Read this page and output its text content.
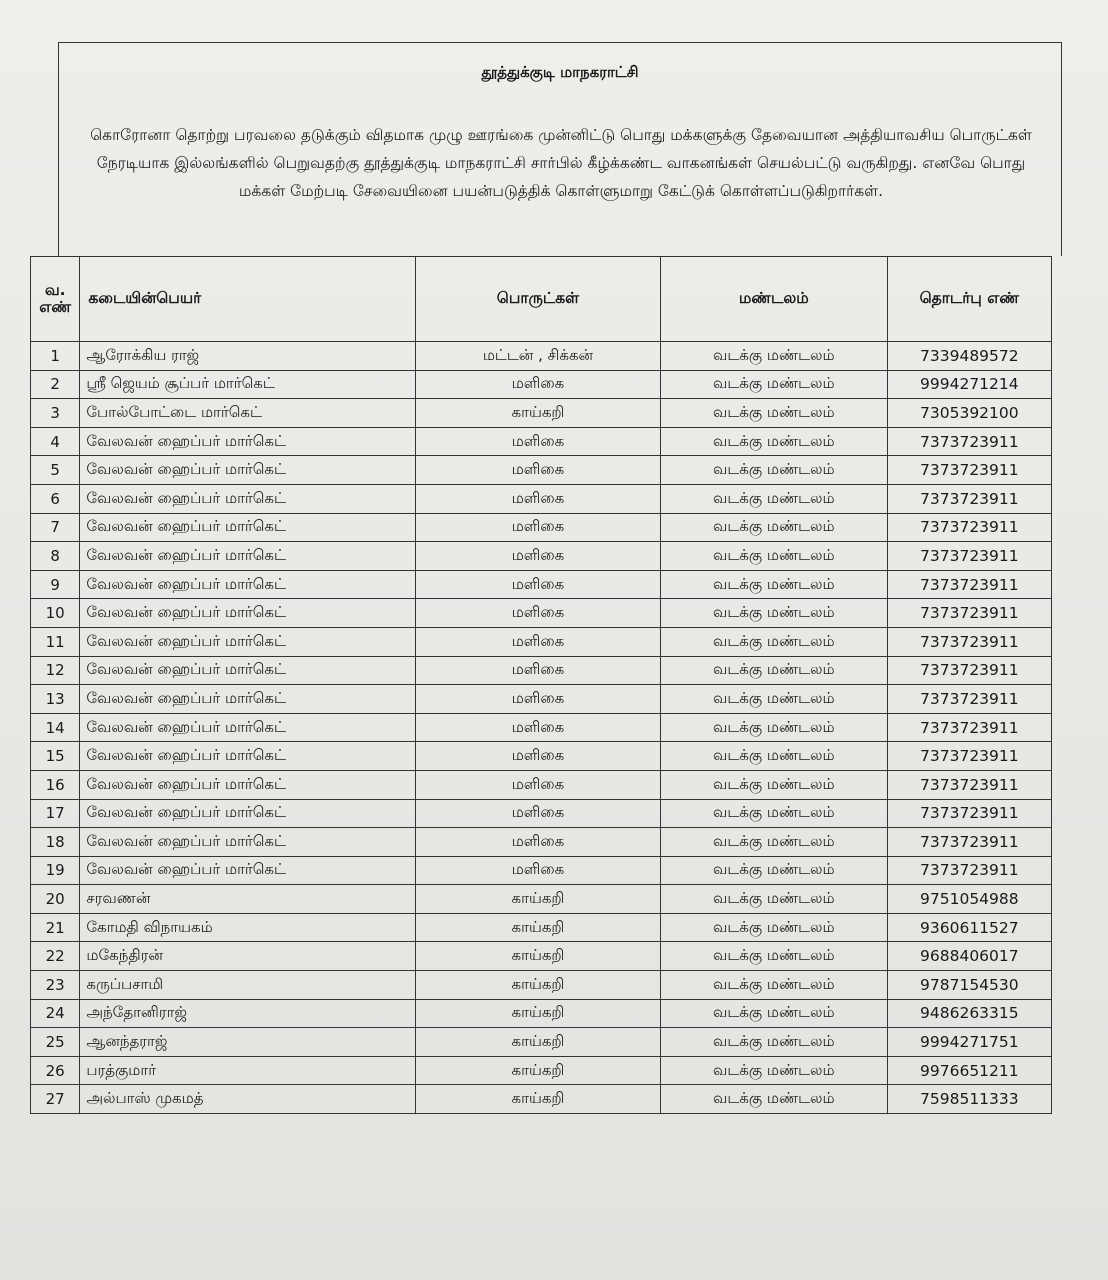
தூத்துக்குடி மாநகராட்சி
கொரோனா தொற்று பரவலை தடுக்கும் விதமாக முழு ஊரங்கை முன்னிட்டு பொது மக்களுக்கு தேவையான அத்தியாவசிய பொருட்கள் நேரடியாக இல்லங்களில் பெறுவதற்கு தூத்துக்குடி மாநகராட்சி சார்பில் கீழ்க்கண்ட வாகனங்கள் செயல்பட்டு வருகிறது. எனவே பொது மக்கள் மேற்படி சேவையினை பயன்படுத்திக் கொள்ளுமாறு கேட்டுக் கொள்ளப்படுகிறார்கள்.
வ.
எண்	கடையின்பெயர்	பொருட்கள்	மண்டலம்	தொடர்பு எண்
1	ஆரோக்கிய ராஜ்	மட்டன் , சிக்கன்	வடக்கு மண்டலம்	7339489572
2	ஸ்ரீ ஜெயம் சூப்பர் மார்கெட்	மளிகை	வடக்கு மண்டலம்	9994271214
3	போல்போட்டை மார்கெட்	காய்கறி	வடக்கு மண்டலம்	7305392100
4	வேலவன் ஹைப்பர் மார்கெட்	மளிகை	வடக்கு மண்டலம்	7373723911
5	வேலவன் ஹைப்பர் மார்கெட்	மளிகை	வடக்கு மண்டலம்	7373723911
6	வேலவன் ஹைப்பர் மார்கெட்	மளிகை	வடக்கு மண்டலம்	7373723911
7	வேலவன் ஹைப்பர் மார்கெட்	மளிகை	வடக்கு மண்டலம்	7373723911
8	வேலவன் ஹைப்பர் மார்கெட்	மளிகை	வடக்கு மண்டலம்	7373723911
9	வேலவன் ஹைப்பர் மார்கெட்	மளிகை	வடக்கு மண்டலம்	7373723911
10	வேலவன் ஹைப்பர் மார்கெட்	மளிகை	வடக்கு மண்டலம்	7373723911
11	வேலவன் ஹைப்பர் மார்கெட்	மளிகை	வடக்கு மண்டலம்	7373723911
12	வேலவன் ஹைப்பர் மார்கெட்	மளிகை	வடக்கு மண்டலம்	7373723911
13	வேலவன் ஹைப்பர் மார்கெட்	மளிகை	வடக்கு மண்டலம்	7373723911
14	வேலவன் ஹைப்பர் மார்கெட்	மளிகை	வடக்கு மண்டலம்	7373723911
15	வேலவன் ஹைப்பர் மார்கெட்	மளிகை	வடக்கு மண்டலம்	7373723911
16	வேலவன் ஹைப்பர் மார்கெட்	மளிகை	வடக்கு மண்டலம்	7373723911
17	வேலவன் ஹைப்பர் மார்கெட்	மளிகை	வடக்கு மண்டலம்	7373723911
18	வேலவன் ஹைப்பர் மார்கெட்	மளிகை	வடக்கு மண்டலம்	7373723911
19	வேலவன் ஹைப்பர் மார்கெட்	மளிகை	வடக்கு மண்டலம்	7373723911
20	சரவணன்	காய்கறி	வடக்கு மண்டலம்	9751054988
21	கோமதி விநாயகம்	காய்கறி	வடக்கு மண்டலம்	9360611527
22	மகேந்திரன்	காய்கறி	வடக்கு மண்டலம்	9688406017
23	கருப்பசாமி	காய்கறி	வடக்கு மண்டலம்	9787154530
24	அந்தோனிராஜ்	காய்கறி	வடக்கு மண்டலம்	9486263315
25	ஆனந்தராஜ்	காய்கறி	வடக்கு மண்டலம்	9994271751
26	பரத்குமார்	காய்கறி	வடக்கு மண்டலம்	9976651211
27	அல்பாஸ் முகமத்	காய்கறி	வடக்கு மண்டலம்	7598511333
